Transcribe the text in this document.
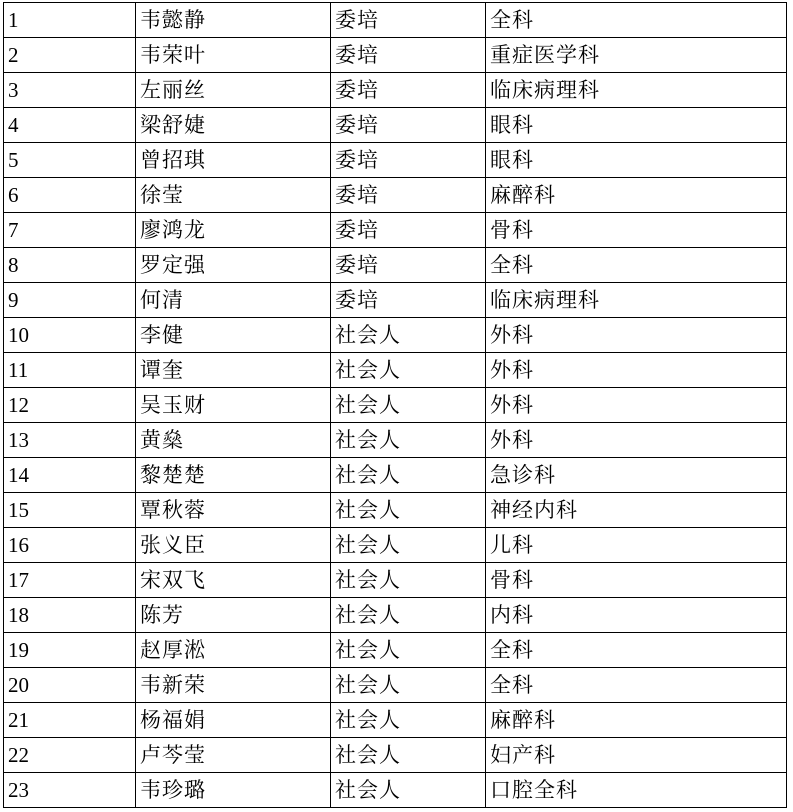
1	韦懿静	委培	全科
2	韦荣叶	委培	重症医学科
3	左丽丝	委培	临床病理科
4	梁舒婕	委培	眼科
5	曾招琪	委培	眼科
6	徐莹	委培	麻醉科
7	廖鸿龙	委培	骨科
8	罗定强	委培	全科
9	何清	委培	临床病理科
10	李健	社会人	外科
11	谭奎	社会人	外科
12	吴玉财	社会人	外科
13	黄燊	社会人	外科
14	黎楚楚	社会人	急诊科
15	覃秋蓉	社会人	神经内科
16	张义臣	社会人	儿科
17	宋双飞	社会人	骨科
18	陈芳	社会人	内科
19	赵厚淞	社会人	全科
20	韦新荣	社会人	全科
21	杨福娟	社会人	麻醉科
22	卢芩莹	社会人	妇产科
23	韦珍璐	社会人	口腔全科
